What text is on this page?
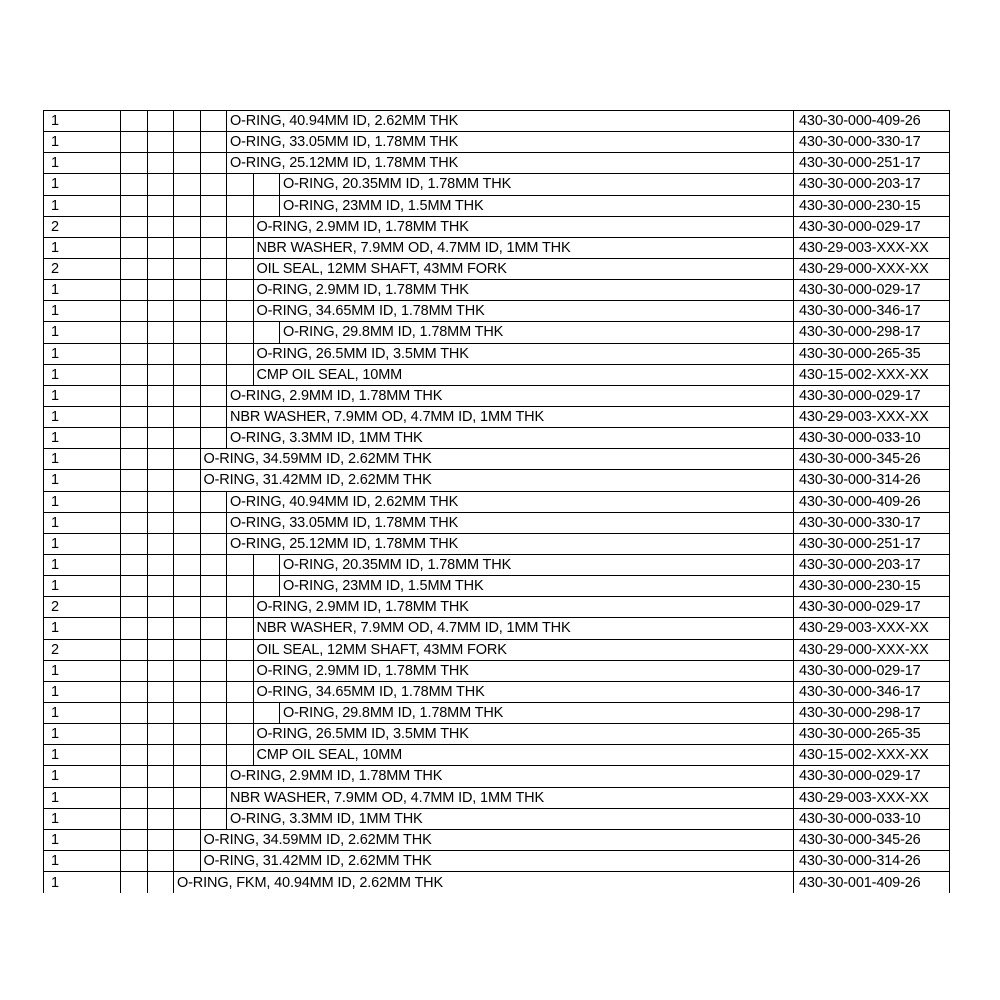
1	O-RING, 40.94MM ID, 2.62MM THK	430-30-000-409-26
1	O-RING, 33.05MM ID, 1.78MM THK	430-30-000-330-17
1	O-RING, 25.12MM ID, 1.78MM THK	430-30-000-251-17
1	O-RING, 20.35MM ID, 1.78MM THK	430-30-000-203-17
1	O-RING, 23MM ID, 1.5MM THK	430-30-000-230-15
2	O-RING, 2.9MM ID, 1.78MM THK	430-30-000-029-17
1	NBR WASHER, 7.9MM OD, 4.7MM ID, 1MM THK	430-29-003-XXX-XX
2	OIL SEAL, 12MM SHAFT, 43MM FORK	430-29-000-XXX-XX
1	O-RING, 2.9MM ID, 1.78MM THK	430-30-000-029-17
1	O-RING, 34.65MM ID, 1.78MM THK	430-30-000-346-17
1	O-RING, 29.8MM ID, 1.78MM THK	430-30-000-298-17
1	O-RING, 26.5MM ID, 3.5MM THK	430-30-000-265-35
1	CMP OIL SEAL, 10MM	430-15-002-XXX-XX
1	O-RING, 2.9MM ID, 1.78MM THK	430-30-000-029-17
1	NBR WASHER, 7.9MM OD, 4.7MM ID, 1MM THK	430-29-003-XXX-XX
1	O-RING, 3.3MM ID, 1MM THK	430-30-000-033-10
1	O-RING, 34.59MM ID, 2.62MM THK	430-30-000-345-26
1	O-RING, 31.42MM ID, 2.62MM THK	430-30-000-314-26
1	O-RING, 40.94MM ID, 2.62MM THK	430-30-000-409-26
1	O-RING, 33.05MM ID, 1.78MM THK	430-30-000-330-17
1	O-RING, 25.12MM ID, 1.78MM THK	430-30-000-251-17
1	O-RING, 20.35MM ID, 1.78MM THK	430-30-000-203-17
1	O-RING, 23MM ID, 1.5MM THK	430-30-000-230-15
2	O-RING, 2.9MM ID, 1.78MM THK	430-30-000-029-17
1	NBR WASHER, 7.9MM OD, 4.7MM ID, 1MM THK	430-29-003-XXX-XX
2	OIL SEAL, 12MM SHAFT, 43MM FORK	430-29-000-XXX-XX
1	O-RING, 2.9MM ID, 1.78MM THK	430-30-000-029-17
1	O-RING, 34.65MM ID, 1.78MM THK	430-30-000-346-17
1	O-RING, 29.8MM ID, 1.78MM THK	430-30-000-298-17
1	O-RING, 26.5MM ID, 3.5MM THK	430-30-000-265-35
1	CMP OIL SEAL, 10MM	430-15-002-XXX-XX
1	O-RING, 2.9MM ID, 1.78MM THK	430-30-000-029-17
1	NBR WASHER, 7.9MM OD, 4.7MM ID, 1MM THK	430-29-003-XXX-XX
1	O-RING, 3.3MM ID, 1MM THK	430-30-000-033-10
1	O-RING, 34.59MM ID, 2.62MM THK	430-30-000-345-26
1	O-RING, 31.42MM ID, 2.62MM THK	430-30-000-314-26
1	O-RING, FKM, 40.94MM ID, 2.62MM THK	430-30-001-409-26
